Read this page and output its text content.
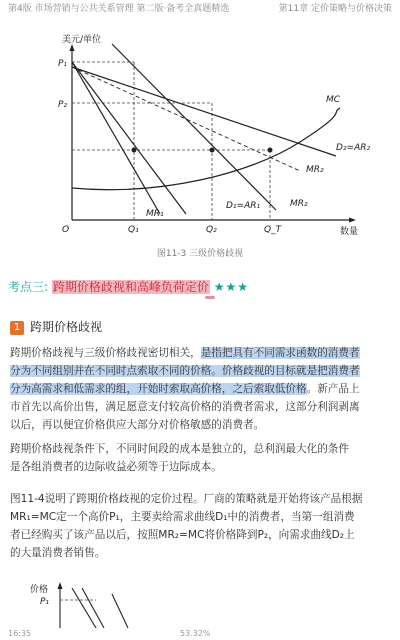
第4版 市场营销与公共关系管理 第二版·备考全真题精选	第11章 定价策略与价格决策
美元/单位
数量
O
P₁
P₂
Q₁	Q₂	Q_T
MC
D₂=AR₂
MR₂
MR₁
D₁=AR₁	MR₂
图11-3 三级价格歧视
考点三: 跨期价格歧视和高峰负荷定价 ★★★
1 跨期价格歧视
跨期价格歧视与三级价格歧视密切相关，是指把具有不同需求函数的消费者
分为不同组别并在不同时点索取不同的价格。价格歧视的目标就是把消费者
分为高需求和低需求的组，开始时索取高价格，之后索取低价格。新产品上
市首先以高价出售，满足愿意支付较高价格的消费者需求，这部分利润剥离
以后，再以便宜价格供应大部分对价格敏感的消费者。
跨期价格歧视条件下，不同时间段的成本是独立的，总利润最大化的条件
是各组消费者的边际收益必须等于边际成本。
图11-4说明了跨期价格歧视的定价过程。厂商的策略就是开始将该产品根据
MR₁=MC定一个高价P₁，主要卖给需求曲线D₁中的消费者，当第一组消费
者已经购买了该产品以后，按照MR₂=MC将价格降到P₂，向需求曲线D₂上
的大量消费者销售。
价格
P₁
16:35	53.32%
